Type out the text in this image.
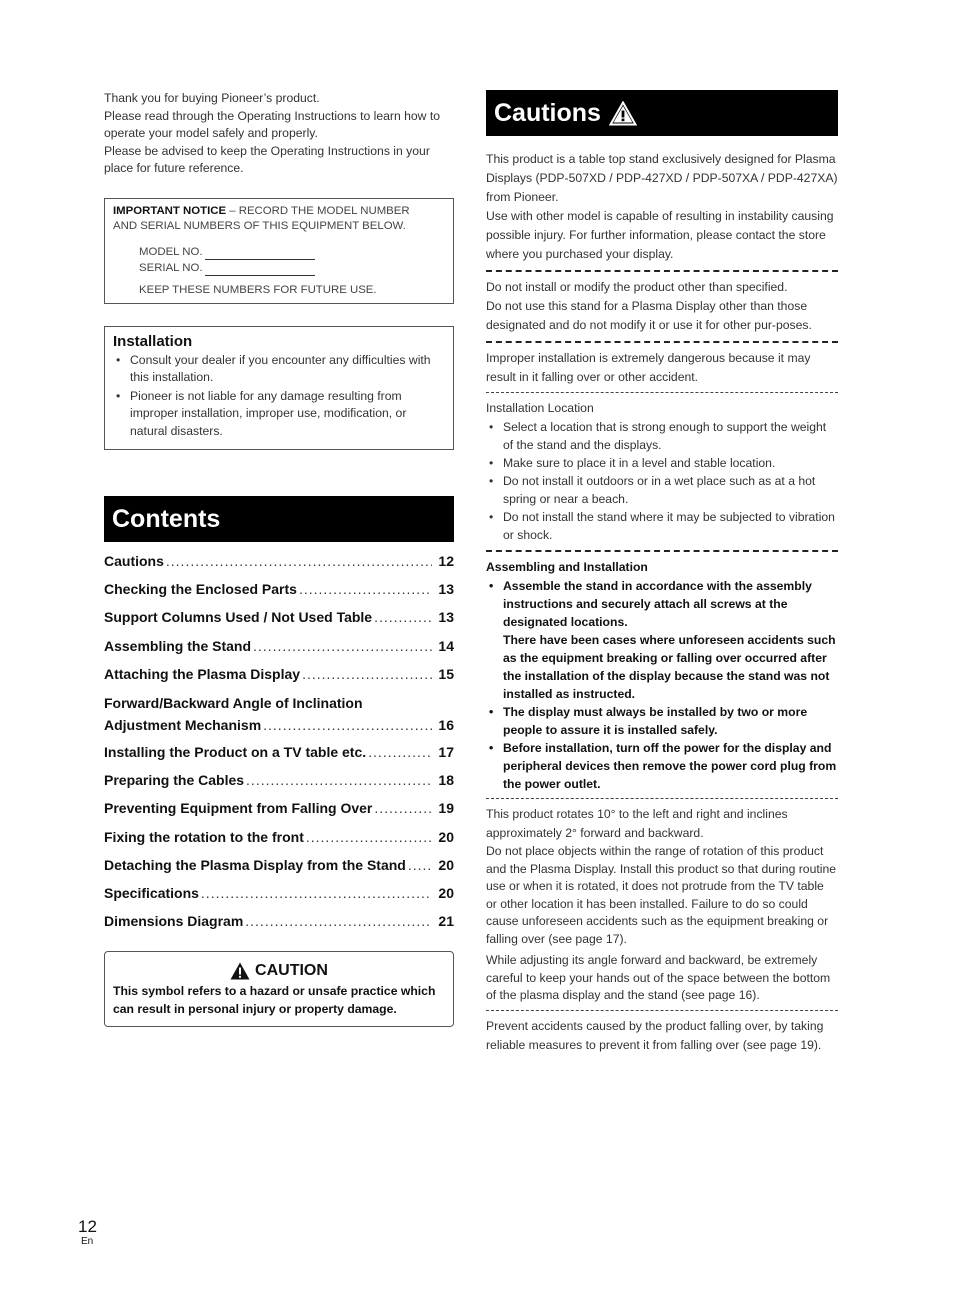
Thank you for buying Pioneer’s product.

Please read through the Operating Instructions to learn how to operate your model safely and properly.

Please be advised to keep the Operating Instructions in your place for future reference.

IMPORTANT NOTICE – RECORD THE MODEL NUMBER
AND SERIAL NUMBERS OF THIS EQUIPMENT BELOW.
MODEL NO.
SERIAL NO.
KEEP THESE NUMBERS FOR FUTURE USE.
Installation
• Consult your dealer if you encounter any difficulties with this installation.
• Pioneer is not liable for any damage resulting from improper installation, improper use, modification, or natural disasters.
Contents
Cautions .....	12
Checking the Enclosed Parts .....	13
Support Columns Used / Not Used Table .....	13
Assembling the Stand .....	14
Attaching the Plasma Display .....	15
Forward/Backward Angle of Inclination
Adjustment Mechanism .....	16
Installing the Product on a TV table etc. .....	17
Preparing the Cables .....	18
Preventing Equipment from Falling Over .....	19
Fixing the rotation to the front .....	20
Detaching the Plasma Display from the Stand ..... 20
Specifications .....	20
Dimensions Diagram .....	21
CAUTION
This symbol refers to a hazard or unsafe practice which can result in personal injury or property damage.
Cautions

This product is a table top stand exclusively designed for Plasma Displays (PDP-507XD / PDP-427XD / PDP-507XA / PDP-427XA) from Pioneer.

Use with other model is capable of resulting in instability causing possible injury. For further information, please contact the store where you purchased your display.

Do not install or modify the product other than specified.

Do not use this stand for a Plasma Display other than those designated and do not modify it or use it for other pur-poses.

Improper installation is extremely dangerous because it may result in it falling over or other accident.

Installation Location

• Select a location that is strong enough to support the weight of the stand and the displays.
• Make sure to place it in a level and stable location.
• Do not install it outdoors or in a wet place such as at a hot spring or near a beach.
• Do not install the stand where it may be subjected to vibration or shock.

Assembling and Installation

• Assemble the stand in accordance with the assembly instructions and securely attach all screws at the designated locations.
There have been cases where unforeseen accidents such as the equipment breaking or falling over occurred after the installation of the display because the stand was not installed as instructed.
• The display must always be installed by two or more people to assure it is installed safely.
• Before installation, turn off the power for the display and peripheral devices then remove the power cord plug from the power outlet.

This product rotates 10° to the left and right and inclines approximately 2° forward and backward.

Do not place objects within the range of rotation of this product and the Plasma Display. Install this product so that during routine use or when it is rotated, it does not protrude from the TV table or other location it has been installed. Failure to do so could cause unforeseen accidents such as the equipment breaking or falling over (see page 17).

While adjusting its angle forward and backward, be extremely careful to keep your hands out of the space between the bottom of the plasma display and the stand (see page 16).

Prevent accidents caused by the product falling over, by taking reliable measures to prevent it from falling over (see page 19).

12
En
